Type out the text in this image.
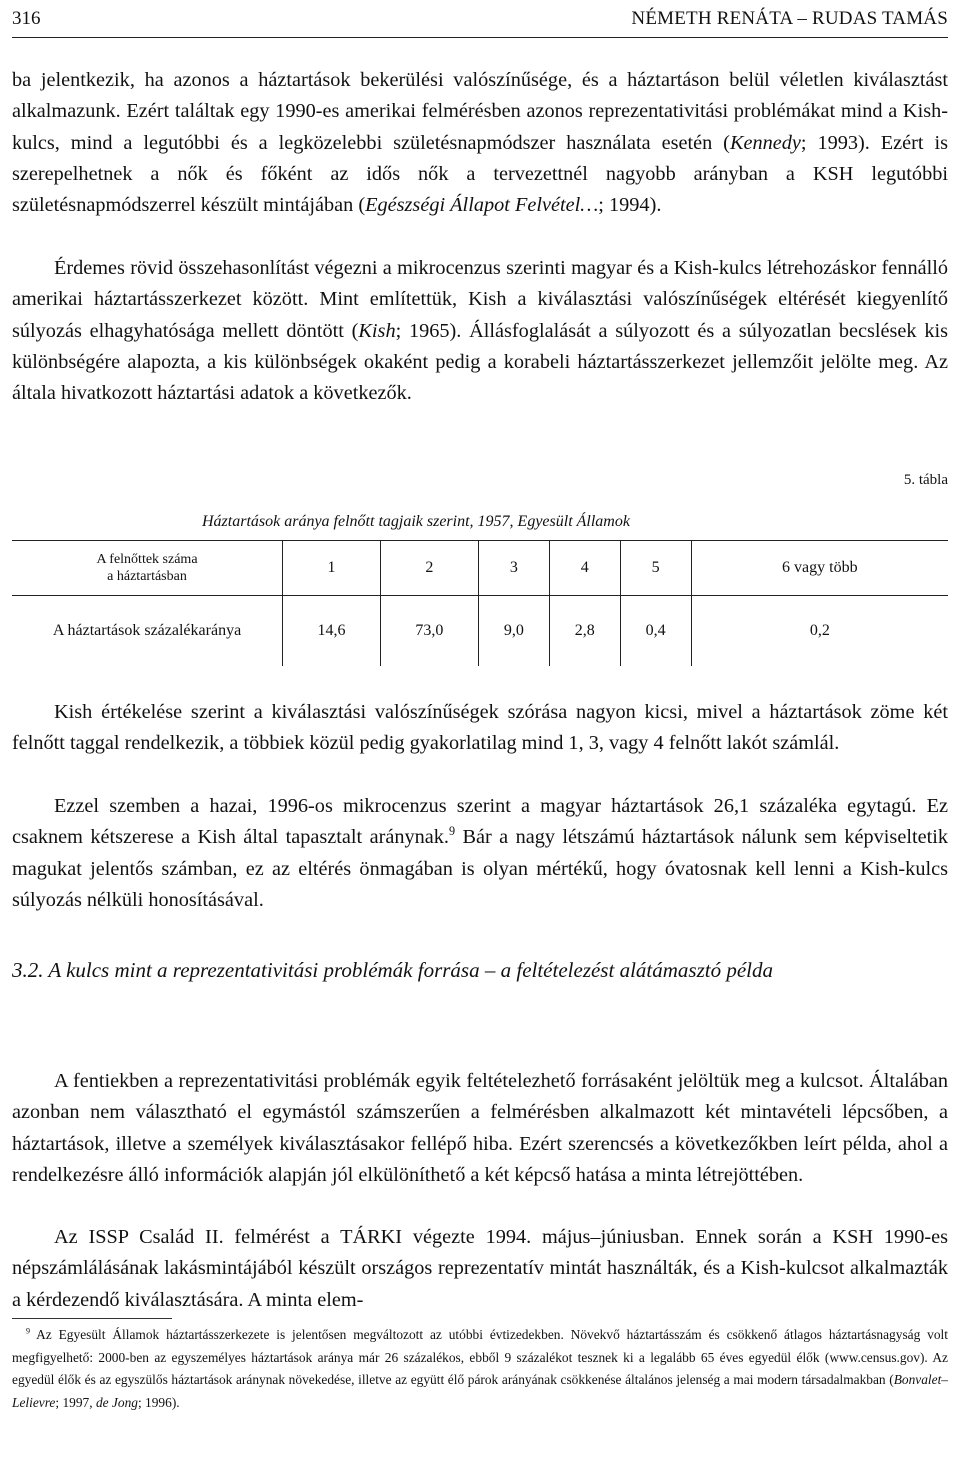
316	NÉMETH RENÁTA – RUDAS TAMÁS

ba jelentkezik, ha azonos a háztartások bekerülési valószínűsége, és a háztartáson belül véletlen kiválasztást alkalmazunk. Ezért találtak egy 1990-es amerikai felmérésben azonos reprezentativitási problémákat mind a Kish-kulcs, mind a legutóbbi és a legközelebbi születésnapmódszer használata esetén (Kennedy; 1993). Ezért is szerepelhetnek a nők és főként az idős nők a tervezettnél nagyobb arányban a KSH legutóbbi születésnapmódszerrel készült mintájában (Egészségi Állapot Felvétel…; 1994).

Érdemes rövid összehasonlítást végezni a mikrocenzus szerinti magyar és a Kish-kulcs létrehozáskor fennálló amerikai háztartásszerkezet között. Mint említettük, Kish a kiválasztási valószínűségek eltérését kiegyenlítő súlyozás elhagyhatósága mellett döntött (Kish; 1965). Állásfoglalását a súlyozott és a súlyozatlan becslések kis különbségére alapozta, a kis különbségek okaként pedig a korabeli háztartásszerkezet jellemzőit jelölte meg. Az általa hivatkozott háztartási adatok a következők.

5. tábla
Háztartások aránya felnőtt tagjaik szerint, 1957, Egyesült Államok
A felnőttek száma
a háztartásban	1	2	3	4	5	6 vagy több
A háztartások százalékaránya	14,6	73,0	9,0	2,8	0,4	0,2

Kish értékelése szerint a kiválasztási valószínűségek szórása nagyon kicsi, mivel a háztartások zöme két felnőtt taggal rendelkezik, a többiek közül pedig gyakorlatilag mind 1, 3, vagy 4 felnőtt lakót számlál.

Ezzel szemben a hazai, 1996-os mikrocenzus szerint a magyar háztartások 26,1 százaléka egytagú. Ez csaknem kétszerese a Kish által tapasztalt aránynak.$^9$ Bár a nagy létszámú háztartások nálunk sem képviseltetik magukat jelentős számban, ez az eltérés önmagában is olyan mértékű, hogy óvatosnak kell lenni a Kish-kulcs súlyozás nélküli honosításával.

3.2. A kulcs mint a reprezentativitási problémák forrása – a feltételezést alátámasztó példa

A fentiekben a reprezentativitási problémák egyik feltételezhető forrásaként jelöltük meg a kulcsot. Általában azonban nem választható el egymástól számszerűen a felmérésben alkalmazott két mintavételi lépcsőben, a háztartások, illetve a személyek kiválasztásakor fellépő hiba. Ezért szerencsés a következőkben leírt példa, ahol a rendelkezésre álló információk alapján jól elkülöníthető a két képcső hatása a minta létrejöttében.

Az ISSP Család II. felmérést a TÁRKI végezte 1994. május–júniusban. Ennek során a KSH 1990-es népszámlálásának lakásmintájából készült országos reprezentatív mintát használták, és a Kish-kulcsot alkalmazták a kérdezendő kiválasztására. A minta elem-

$^9$ Az Egyesült Államok háztartásszerkezete is jelentősen megváltozott az utóbbi évtizedekben. Növekvő háztartásszám és csökkenő átlagos háztartásnagyság volt megfigyelhető: 2000-ben az egyszemélyes háztartások aránya már 26 százalékos, ebből 9 százalékot tesznek ki a legalább 65 éves egyedül élők (www.census.gov). Az egyedül élők és az egyszülős háztartások aránynak növekedése, illetve az együtt élő párok arányának csökkenése általános jelenség a mai modern társadalmakban (Bonvalet–Lelievre; 1997, de Jong; 1996).
